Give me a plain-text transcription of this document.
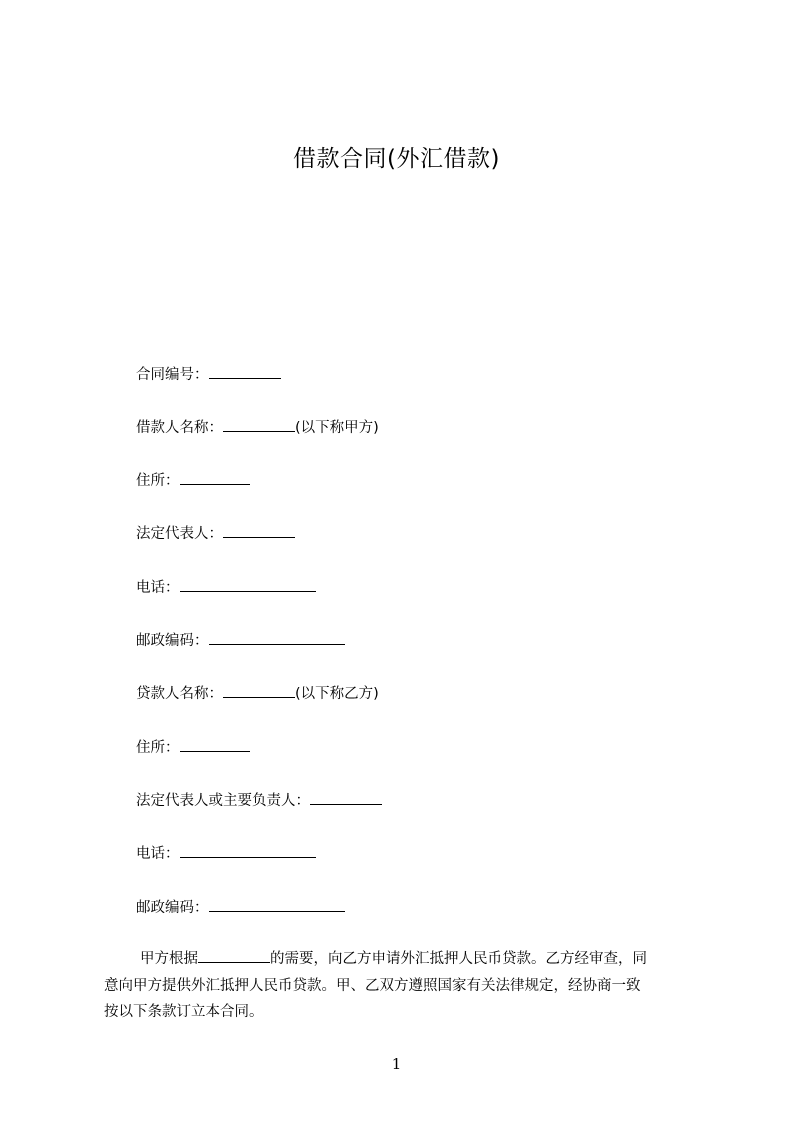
借款合同(外汇借款)
合同编号：
借款人名称：	(以下称甲方)
住所：
法定代表人：
电话：
邮政编码：
贷款人名称：	(以下称乙方)
住所：
法定代表人或主要负责人：
电话：
邮政编码：
甲方根据	的需要，向乙方申请外汇抵押人民币贷款。乙方经审查，同
意向甲方提供外汇抵押人民币贷款。甲、乙双方遵照国家有关法律规定，经协商一致
按以下条款订立本合同。
1
